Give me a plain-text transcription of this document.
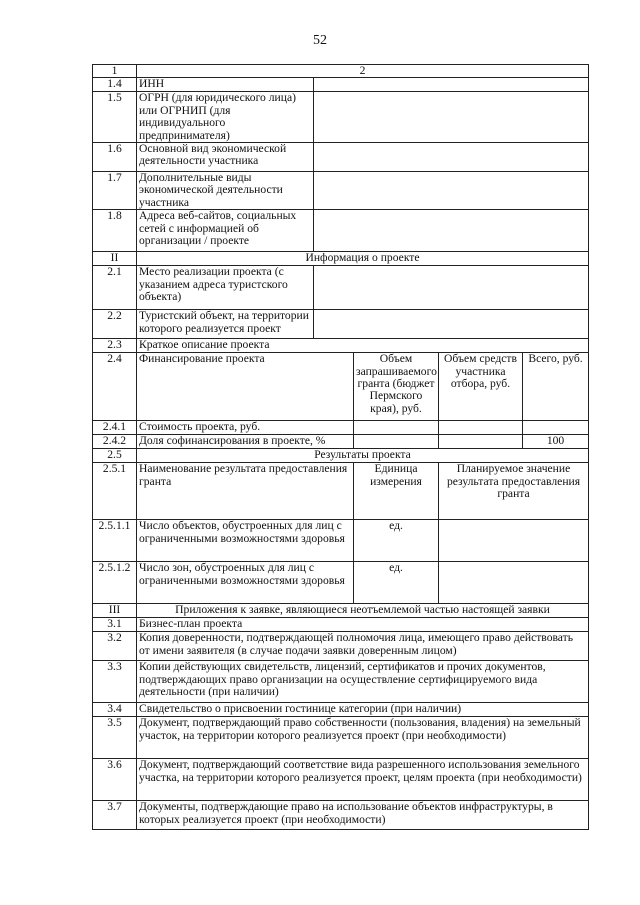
52
1	2				
1.4	ИНН				
1.5	ОГРН (для юридического лица) или ОГРНИП (для индивидуального предпринимателя)				
1.6	Основной вид экономической деятельности участника				
1.7	Дополнительные виды экономической деятельности участника				
1.8	Адреса веб-сайтов, социальных сетей с информацией об организации / проекте				
II	Информация о проекте				
2.1	Место реализации проекта (с указанием адреса туристского объекта)				
2.2	Туристский объект, на территории которого реализуется проект				
2.3	Краткое описание проекта				
2.4	Финансирование проекта		Объем запрашиваемого гранта (бюджет Пермского края), руб.	Объем средств участника отбора, руб.	Всего, руб.
2.4.1	Стоимость проекта, руб.				
2.4.2	Доля софинансирования в проекте, %				100
2.5	Результаты проекта				
2.5.1	Наименование результата предоставления гранта		Единица измерения	Планируемое значение результата предоставления гранта	
2.5.1.1	Число объектов, обустроенных для лиц с ограниченными возможностями здоровья		ед.		
2.5.1.2	Число зон, обустроенных для лиц с ограниченными возможностями здоровья		ед.		
III	Приложения к заявке, являющиеся неотъемлемой частью настоящей заявки				
3.1	Бизнес-план проекта				
3.2	Копия доверенности, подтверждающей полномочия лица, имеющего право действовать от имени заявителя (в случае подачи заявки доверенным лицом)				
3.3	Копии действующих свидетельств, лицензий, сертификатов и прочих документов, подтверждающих право организации на осуществление сертифицируемого вида деятельности (при наличии)				
3.4	Свидетельство о присвоении гостинице категории (при наличии)				
3.5	Документ, подтверждающий право собственности (пользования, владения) на земельный участок, на территории которого реализуется проект (при необходимости)				
3.6	Документ, подтверждающий соответствие вида разрешенного использования земельного участка, на территории которого реализуется проект, целям проекта (при необходимости)				
3.7	Документы, подтверждающие право на использование объектов инфраструктуры, в которых реализуется проект (при необходимости)				
